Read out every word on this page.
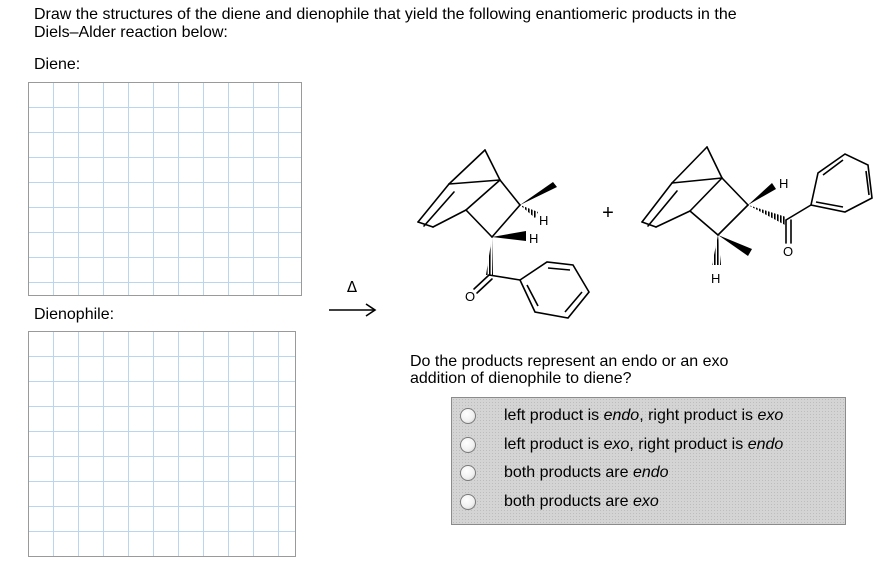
Draw the structures of the diene and dienophile that yield the following enantiomeric products in the
Diels–Alder reaction below:
Diene:
Dienophile:
Δ
+
H
H
O
H
H
O
Do the products represent an endo or an exo
addition of dienophile to diene?
left product is endo, right product is exo
left product is exo, right product is endo
both products are endo
both products are exo
